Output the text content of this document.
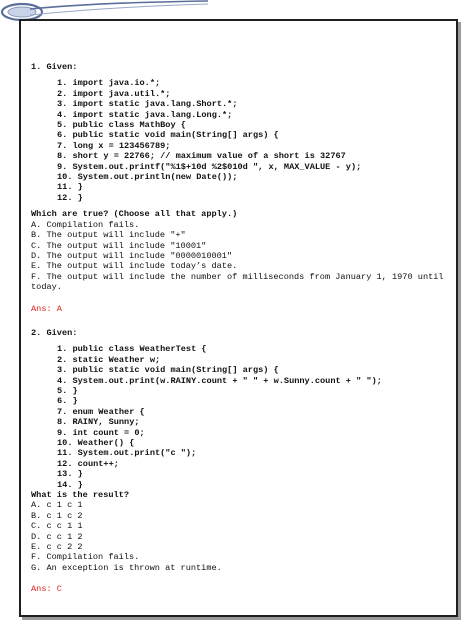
1. Given:
1. import java.io.*;
2. import java.util.*;
3. import static java.lang.Short.*;
4. import static java.lang.Long.*;
5. public class MathBoy {
6. public static void main(String[] args) {
7. long x = 123456789;
8. short y = 22766; // maximum value of a short is 32767
9. System.out.printf("%1$+10d %2$010d ", x, MAX_VALUE - y);
10. System.out.println(new Date());
11. }
12. }
Which are true? (Choose all that apply.)
A. Compilation fails.
B. The output will include "+"
C. The output will include "10001"
D. The output will include "0000010001"
E. The output will include today’s date.
F. The output will include the number of milliseconds from January 1, 1970 until today.
Ans: A
2. Given:
1. public class WeatherTest {
2. static Weather w;
3. public static void main(String[] args) {
4. System.out.print(w.RAINY.count + " " + w.Sunny.count + " ");
5. }
6. }
7. enum Weather {
8. RAINY, Sunny;
9. int count = 0;
10. Weather() {
11. System.out.print("c ");
12. count++;
13. }
14. }
What is the result?
A. c 1 c 1
B. c 1 c 2
C. c c 1 1
D. c c 1 2
E. c c 2 2
F. Compilation fails.
G. An exception is thrown at runtime.
Ans: C
